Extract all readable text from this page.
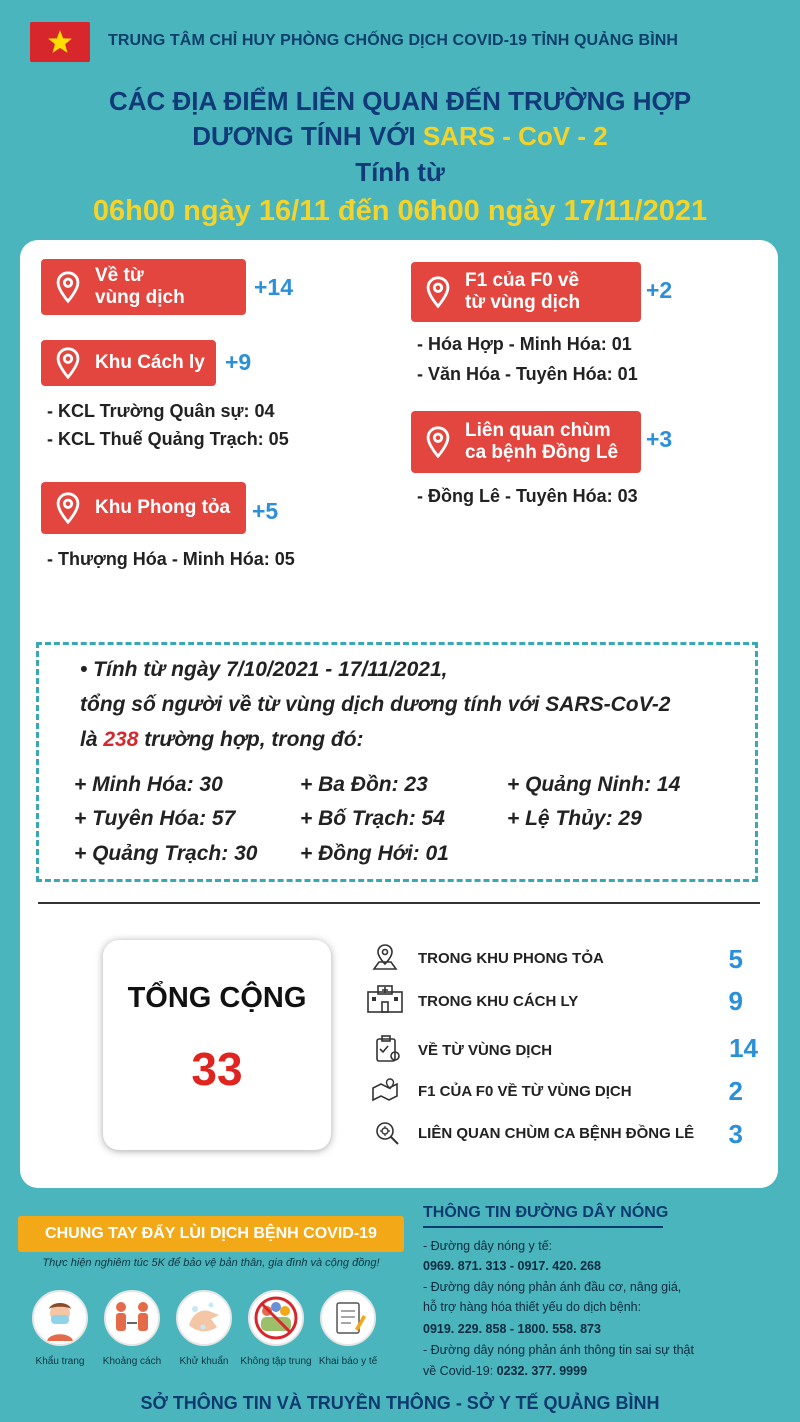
TRUNG TÂM CHỈ HUY PHÒNG CHỐNG DỊCH COVID-19 TỈNH QUẢNG BÌNH
CÁC ĐỊA ĐIỂM LIÊN QUAN ĐẾN TRƯỜNG HỢP
DƯƠNG TÍNH VỚI SARS - CoV - 2
Tính từ
06h00 ngày 16/11 đến 06h00 ngày 17/11/2021
Về từ
vùng dịch	+14
Khu Cách ly +9
- KCL Trường Quân sự: 04
- KCL Thuế Quảng Trạch: 05
Khu Phong tỏa +5
- Thượng Hóa - Minh Hóa: 05
F1 của F0 về
từ vùng dịch	+2
- Hóa Hợp - Minh Hóa: 01
- Văn Hóa - Tuyên Hóa: 01
Liên quan chùm
ca bệnh Đồng Lê
+3
- Đồng Lê - Tuyên Hóa: 03
• Tính từ ngày 7/10/2021 - 17/11/2021,
tổng số người về từ vùng dịch dương tính với SARS-CoV-2
là 238 trường hợp, trong đó:
+ Minh Hóa: 30	+ Ba Đồn: 23	+ Quảng Ninh: 14
+ Tuyên Hóa: 57	+ Bố Trạch: 54	+ Lệ Thủy: 29
+ Quảng Trạch: 30 + Đồng Hới: 01
TỔNG CỘNG
33
TRONG KHU PHONG TỎA	5
TRONG KHU CÁCH LY	9
VỀ TỪ VÙNG DỊCH	14
F1 CỦA F0 VỀ TỪ VÙNG DỊCH	2
LIÊN QUAN CHÙM CA BỆNH ĐỒNG LÊ	3
CHUNG TAY ĐẨY LÙI DỊCH BỆNH COVID-19
Thực hiện nghiêm túc 5K để bảo vệ bản thân, gia đình và cộng đồng!
Khẩu trang	Khoảng cách	Khử khuẩn	Không tập trung Khai báo y tế
THÔNG TIN ĐƯỜNG DÂY NÓNG
- Đường dây nóng y tế:
0969. 871. 313 - 0917. 420. 268
- Đường dây nóng phản ánh đầu cơ, nâng giá,
hỗ trợ hàng hóa thiết yếu do dịch bệnh:
0919. 229. 858 - 1800. 558. 873
- Đường dây nóng phản ánh thông tin sai sự thật
về Covid-19: 0232. 377. 9999
SỞ THÔNG TIN VÀ TRUYỀN THÔNG - SỞ Y TẾ QUẢNG BÌNH
